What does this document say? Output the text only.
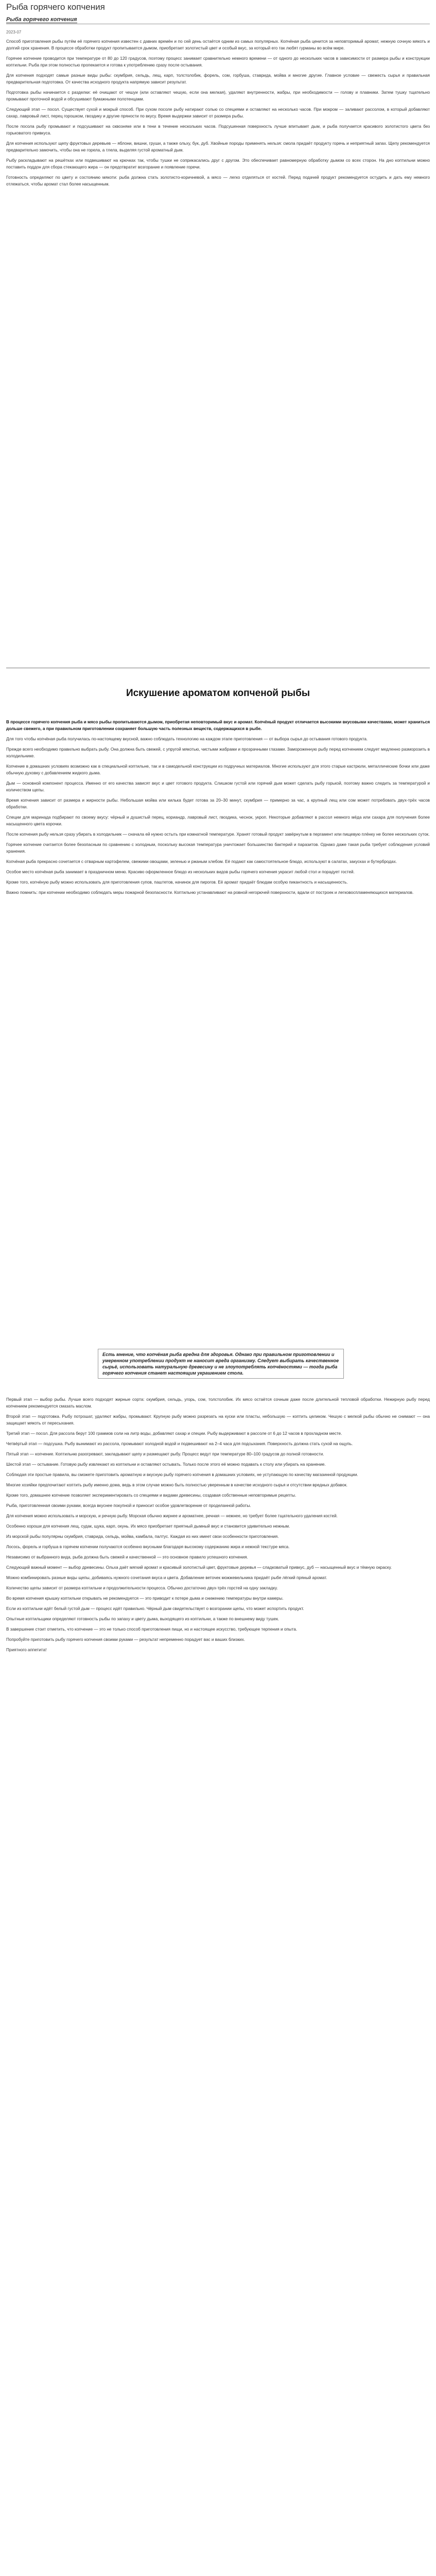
Рыба горячего копчения
Рыба горячего копчения
2023-07

Способ приготовления рыбы путём её горячего копчения известен с давних времён и по сей день остаётся одним из самых популярных. Копчёная рыба ценится за неповторимый аромат, нежную сочную мякоть и долгий срок хранения. В процессе обработки продукт пропитывается дымом, приобретает золотистый цвет и особый вкус, за который его так любят гурманы во всём мире.

Горячее копчение проводится при температуре от 80 до 120 градусов, поэтому процесс занимает сравнительно немного времени — от одного до нескольких часов в зависимости от размера рыбы и конструкции коптильни. Рыба при этом полностью пропекается и готова к употреблению сразу после остывания.

Для копчения подходят самые разные виды рыбы: скумбрия, сельдь, лещ, карп, толстолобик, форель, сом, горбуша, ставрида, мойва и многие другие. Главное условие — свежесть сырья и правильная предварительная подготовка. От качества исходного продукта напрямую зависит результат.

Подготовка рыбы начинается с разделки: её очищают от чешуи (или оставляют чешую, если она мелкая), удаляют внутренности, жабры, при необходимости — голову и плавники. Затем тушку тщательно промывают проточной водой и обсушивают бумажными полотенцами.

Следующий этап — посол. Существует сухой и мокрый способ. При сухом посоле рыбу натирают солью со специями и оставляют на несколько часов. При мокром — заливают рассолом, в который добавляют сахар, лавровый лист, перец горошком, гвоздику и другие пряности по вкусу. Время выдержки зависит от размера рыбы.

После посола рыбу промывают и подсушивают на сквозняке или в тени в течение нескольких часов. Подсушенная поверхность лучше впитывает дым, и рыба получается красивого золотистого цвета без горьковатого привкуса.

Для копчения используют щепу фруктовых деревьев — яблони, вишни, груши, а также ольху, бук, дуб. Хвойные породы применять нельзя: смола придаёт продукту горечь и неприятный запах. Щепу рекомендуется предварительно замочить, чтобы она не горела, а тлела, выделяя густой ароматный дым.

Рыбу раскладывают на решётках или подвешивают на крючках так, чтобы тушки не соприкасались друг с другом. Это обеспечивает равномерную обработку дымом со всех сторон. На дно коптильни можно поставить поддон для сбора стекающего жира — он предотвратит возгорание и появление горечи.

Готовность определяют по цвету и состоянию мякоти: рыба должна стать золотисто-коричневой, а мясо — легко отделяться от костей. Перед подачей продукт рекомендуется остудить и дать ему немного отлежаться, чтобы аромат стал более насыщенным.

Искушение ароматом копченой рыбы

В процессе горячего копчения рыба и мясо рыбы пропитываются дымом, приобретая неповторимый вкус и аромат. Копчёный продукт отличается высокими вкусовыми качествами, может храниться дольше свежего, а при правильном приготовлении сохраняет большую часть полезных веществ, содержащихся в рыбе.

Для того чтобы копчёная рыба получилась по-настоящему вкусной, важно соблюдать технологию на каждом этапе приготовления — от выбора сырья до остывания готового продукта.

Прежде всего необходимо правильно выбрать рыбу. Она должна быть свежей, с упругой мякотью, чистыми жабрами и прозрачными глазами. Замороженную рыбу перед копчением следует медленно разморозить в холодильнике.

Копчение в домашних условиях возможно как в специальной коптильне, так и в самодельной конструкции из подручных материалов. Многие используют для этого старые кастрюли, металлические бочки или даже обычную духовку с добавлением жидкого дыма.

Дым — основной компонент процесса. Именно от его качества зависят вкус и цвет готового продукта. Слишком густой или горячий дым может сделать рыбу горькой, поэтому важно следить за температурой и количеством щепы.

Время копчения зависит от размера и жирности рыбы. Небольшая мойва или килька будет готова за 20–30 минут, скумбрия — примерно за час, а крупный лещ или сом может потребовать двух-трёх часов обработки.

Специи для маринада подбирают по своему вкусу: чёрный и душистый перец, кориандр, лавровый лист, гвоздика, чеснок, укроп. Некоторые добавляют в рассол немного мёда или сахара для получения более насыщенного цвета корочки.

После копчения рыбу нельзя сразу убирать в холодильник — сначала ей нужно остыть при комнатной температуре. Хранят готовый продукт завёрнутым в пергамент или пищевую плёнку не более нескольких суток.

Горячее копчение считается более безопасным по сравнению с холодным, поскольку высокая температура уничтожает большинство бактерий и паразитов. Однако даже такая рыба требует соблюдения условий хранения.

Копчёная рыба прекрасно сочетается с отварным картофелем, свежими овощами, зеленью и ржаным хлебом. Её подают как самостоятельное блюдо, используют в салатах, закусках и бутербродах.

Особое место копчёная рыба занимает в праздничном меню. Красиво оформленное блюдо из нескольких видов рыбы горячего копчения украсит любой стол и порадует гостей.

Кроме того, копчёную рыбу можно использовать для приготовления супов, паштетов, начинок для пирогов. Её аромат придаёт блюдам особую пикантность и насыщенность.

Важно помнить: при копчении необходимо соблюдать меры пожарной безопасности. Коптильню устанавливают на ровной негорючей поверхности, вдали от построек и легковоспламеняющихся материалов.

Есть мнение, что копчёная рыба вредна для здоровья. Однако при правильном приготовлении и умеренном употреблении продукт не наносит вреда организму. Следует выбирать качественное сырьё, использовать натуральную древесину и не злоупотреблять копчёностями — тогда рыба горячего копчения станет настоящим украшением стола.

Первый этап — выбор рыбы. Лучше всего подходят жирные сорта: скумбрия, сельдь, угорь, сом, толстолобик. Их мясо остаётся сочным даже после длительной тепловой обработки. Нежирную рыбу перед копчением рекомендуется смазать маслом.

Второй этап — подготовка. Рыбу потрошат, удаляют жабры, промывают. Крупную рыбу можно разрезать на куски или пласты, небольшую — коптить целиком. Чешую с мелкой рыбы обычно не снимают — она защищает мякоть от пересыхания.

Третий этап — посол. Для рассола берут 100 граммов соли на литр воды, добавляют сахар и специи. Рыбу выдерживают в рассоле от 6 до 12 часов в прохладном месте.

Четвёртый этап — подсушка. Рыбу вынимают из рассола, промывают холодной водой и подвешивают на 2–4 часа для подсыхания. Поверхность должна стать сухой на ощупь.

Пятый этап — копчение. Коптильню разогревают, закладывают щепу и размещают рыбу. Процесс ведут при температуре 80–100 градусов до полной готовности.

Шестой этап — остывание. Готовую рыбу извлекают из коптильни и оставляют остывать. Только после этого её можно подавать к столу или убирать на хранение.

Соблюдая эти простые правила, вы сможете приготовить ароматную и вкусную рыбу горячего копчения в домашних условиях, не уступающую по качеству магазинной продукции.

Многие хозяйки предпочитают коптить рыбу именно дома, ведь в этом случае можно быть полностью уверенным в качестве исходного сырья и отсутствии вредных добавок.

Кроме того, домашнее копчение позволяет экспериментировать со специями и видами древесины, создавая собственные неповторимые рецепты.

Рыба, приготовленная своими руками, всегда вкуснее покупной и приносит особое удовлетворение от проделанной работы.

Для копчения можно использовать и морскую, и речную рыбу. Морская обычно жирнее и ароматнее, речная — нежнее, но требует более тщательного удаления костей.

Особенно хороши для копчения лещ, судак, щука, карп, окунь. Их мясо приобретает приятный дымный вкус и становится удивительно нежным.

Из морской рыбы популярны скумбрия, ставрида, сельдь, мойва, камбала, палтус. Каждая из них имеет свои особенности приготовления.

Лосось, форель и горбуша в горячем копчении получаются особенно вкусными благодаря высокому содержанию жира и нежной текстуре мяса.

Независимо от выбранного вида, рыба должна быть свежей и качественной — это основное правило успешного копчения.

Следующий важный момент — выбор древесины. Ольха даёт мягкий аромат и красивый золотистый цвет, фруктовые деревья — сладковатый привкус, дуб — насыщенный вкус и тёмную окраску.

Можно комбинировать разные виды щепы, добиваясь нужного сочетания вкуса и цвета. Добавление веточек можжевельника придаёт рыбе лёгкий пряный аромат.

Количество щепы зависит от размера коптильни и продолжительности процесса. Обычно достаточно двух-трёх горстей на одну закладку.

Во время копчения крышку коптильни открывать не рекомендуется — это приводит к потере дыма и снижению температуры внутри камеры.

Если из коптильни идёт белый густой дым — процесс идёт правильно. Чёрный дым свидетельствует о возгорании щепы, что может испортить продукт.

Опытные коптильщики определяют готовность рыбы по запаху и цвету дыма, выходящего из коптильни, а также по внешнему виду тушек.

В завершение стоит отметить, что копчение — это не только способ приготовления пищи, но и настоящее искусство, требующее терпения и опыта.

Попробуйте приготовить рыбу горячего копчения своими руками — результат непременно порадует вас и ваших близких.

Приятного аппетита!
